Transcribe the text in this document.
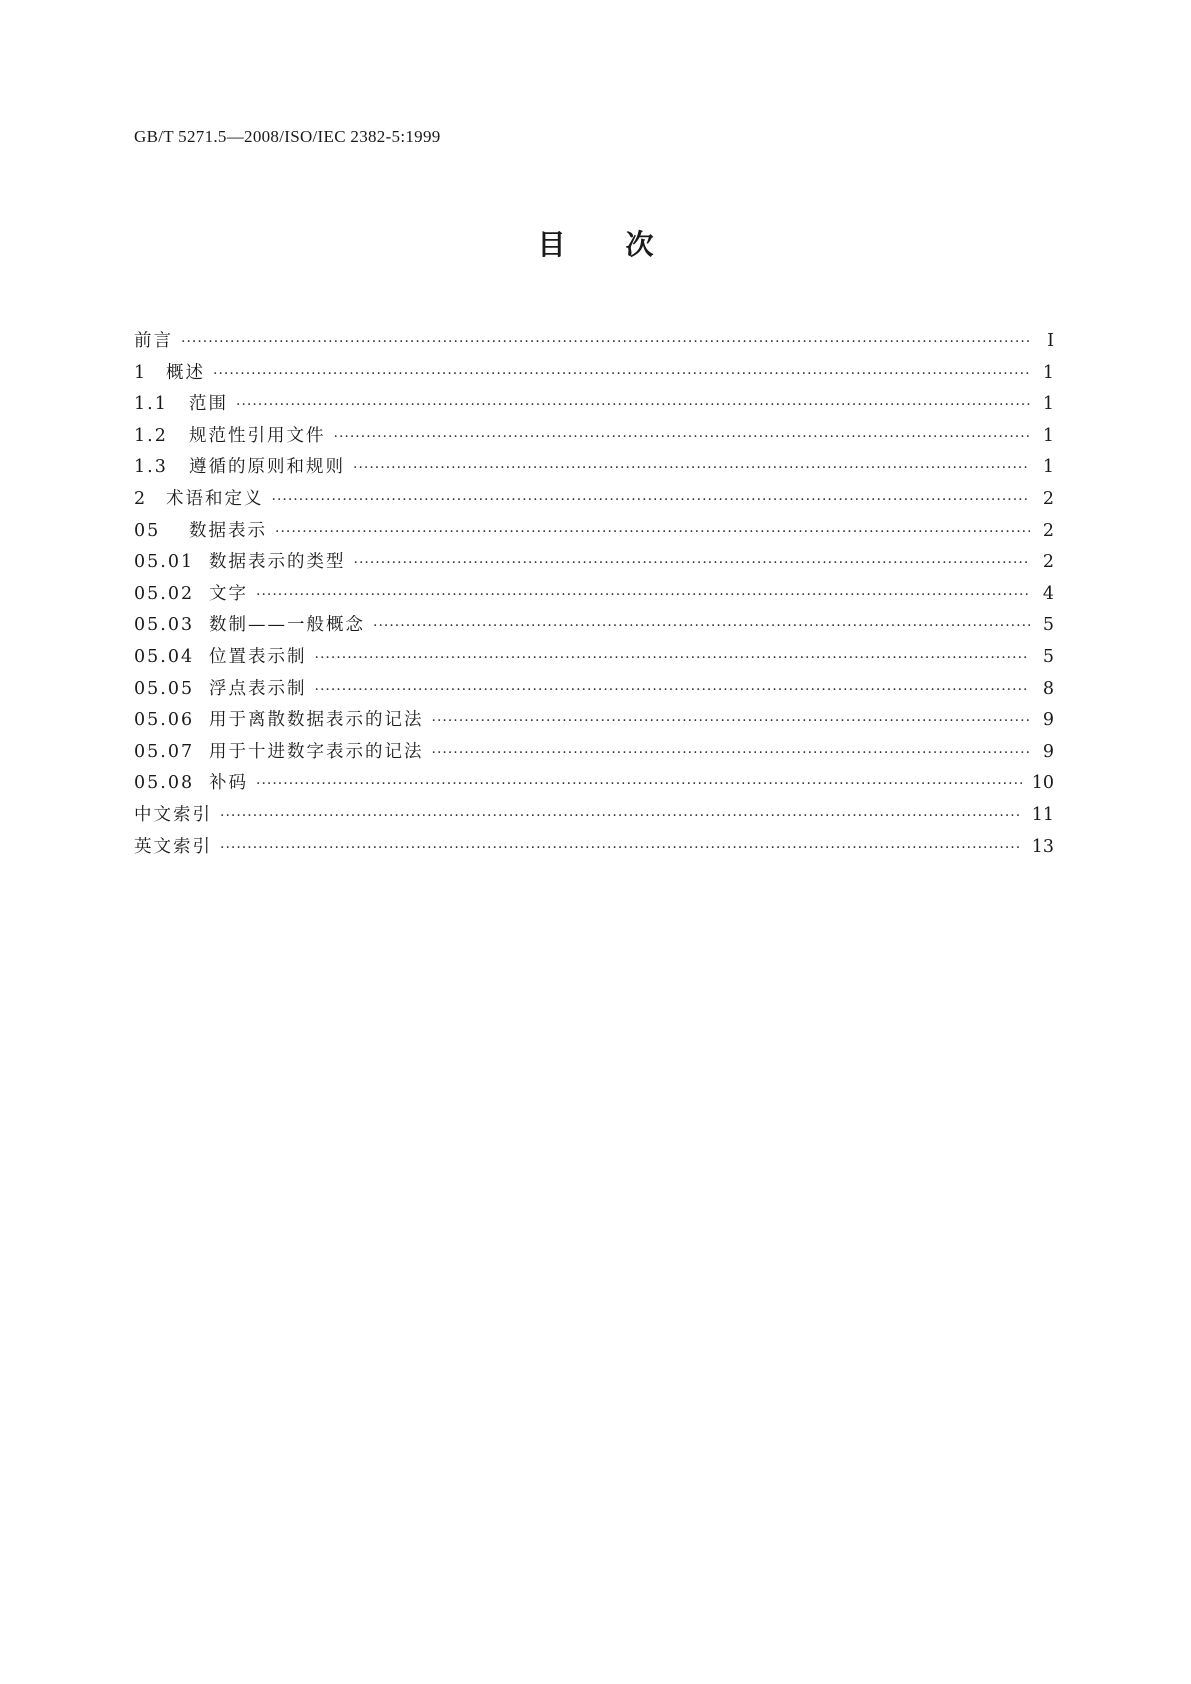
GB/T 5271.5—2008/ISO/IEC 2382-5:1999
目 次
前言 ·····	I
1	概述 ·····	1
1.1	范围 ·····	1
1.2	规范性引用文件 ·····	1
1.3	遵循的原则和规则 ·····	1
2	术语和定义 ·····	2
05	数据表示 ·····	2
05.01 数据表示的类型 ·····	2
05.02 文字 ·····	4
05.03 数制——一般概念 ·····	5
05.04 位置表示制 ·····	5
05.05 浮点表示制 ·····	8
05.06 用于离散数据表示的记法 ·····	9
05.07 用于十进数字表示的记法 ·····	9
05.08 补码 ·····	10
中文索引 ·····	11
英文索引 ·····	13
